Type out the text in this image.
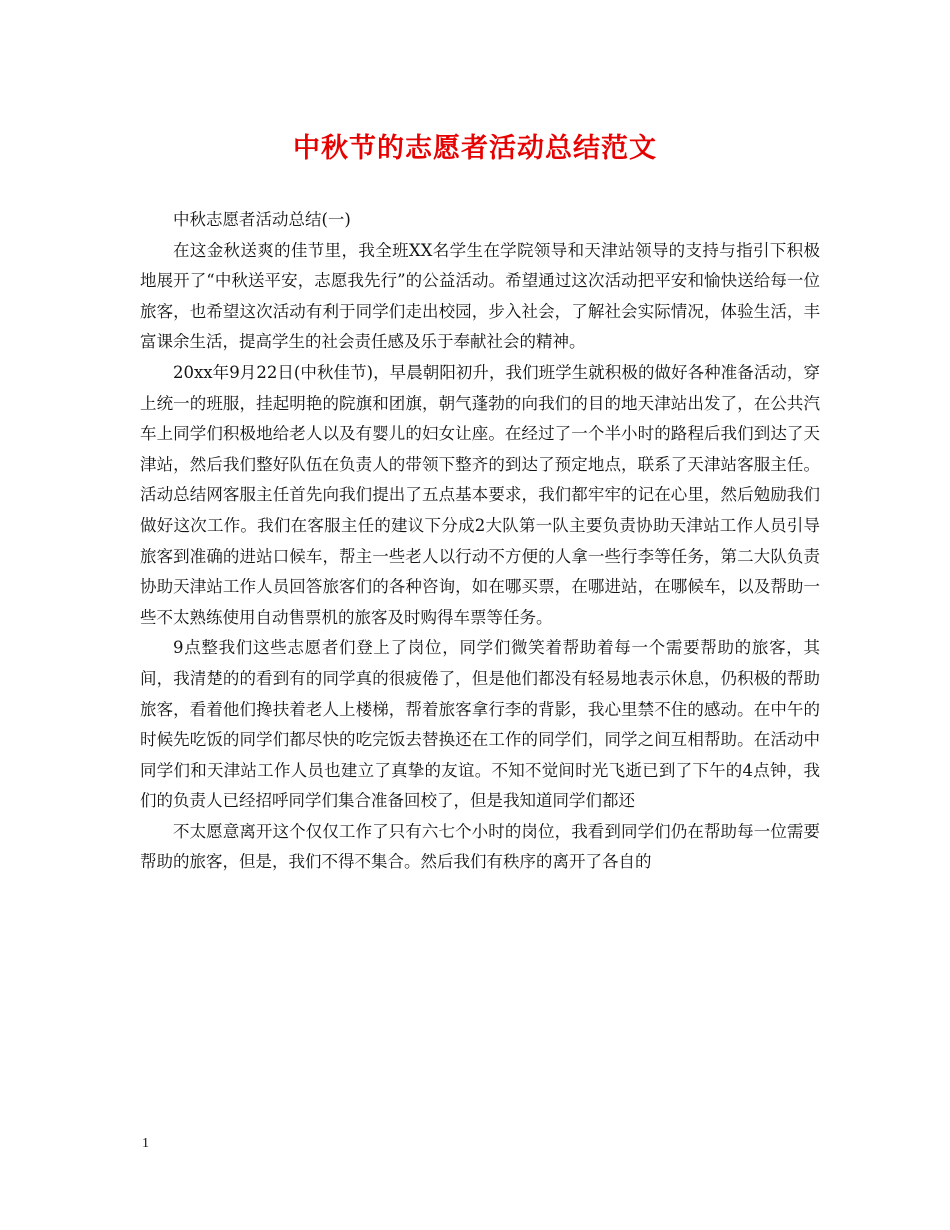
中秋节的志愿者活动总结范文

中秋志愿者活动总结(一)

在这金秋送爽的佳节里，我全班XX名学生在学院领导和天津站领导的支持与指引下积极地展开了“中秋送平安，志愿我先行”的公益活动。希望通过这次活动把平安和愉快送给每一位旅客，也希望这次活动有利于同学们走出校园，步入社会，了解社会实际情况，体验生活，丰富课余生活，提高学生的社会责任感及乐于奉献社会的精神。

20xx年9月22日(中秋佳节)，早晨朝阳初升，我们班学生就积极的做好各种准备活动，穿上统一的班服，挂起明艳的院旗和团旗，朝气蓬勃的向我们的目的地天津站出发了，在公共汽车上同学们积极地给老人以及有婴儿的妇女让座。在经过了一个半小时的路程后我们到达了天津站，然后我们整好队伍在负责人的带领下整齐的到达了预定地点，联系了天津站客服主任。活动总结网客服主任首先向我们提出了五点基本要求，我们都牢牢的记在心里，然后勉励我们做好这次工作。我们在客服主任的建议下分成2大队第一队主要负责协助天津站工作人员引导旅客到准确的进站口候车，帮主一些老人以行动不方便的人拿一些行李等任务，第二大队负责协助天津站工作人员回答旅客们的各种咨询，如在哪买票，在哪进站，在哪候车，以及帮助一些不太熟练使用自动售票机的旅客及时购得车票等任务。

9点整我们这些志愿者们登上了岗位，同学们微笑着帮助着每一个需要帮助的旅客，其间，我清楚的的看到有的同学真的很疲倦了，但是他们都没有轻易地表示休息，仍积极的帮助旅客，看着他们搀扶着老人上楼梯，帮着旅客拿行李的背影，我心里禁不住的感动。在中午的时候先吃饭的同学们都尽快的吃完饭去替换还在工作的同学们，同学之间互相帮助。在活动中同学们和天津站工作人员也建立了真挚的友谊。不知不觉间时光飞逝已到了下午的4点钟，我们的负责人已经招呼同学们集合准备回校了，但是我知道同学们都还

不太愿意离开这个仅仅工作了只有六七个小时的岗位，我看到同学们仍在帮助每一位需要帮助的旅客，但是，我们不得不集合。然后我们有秩序的离开了各自的

1
